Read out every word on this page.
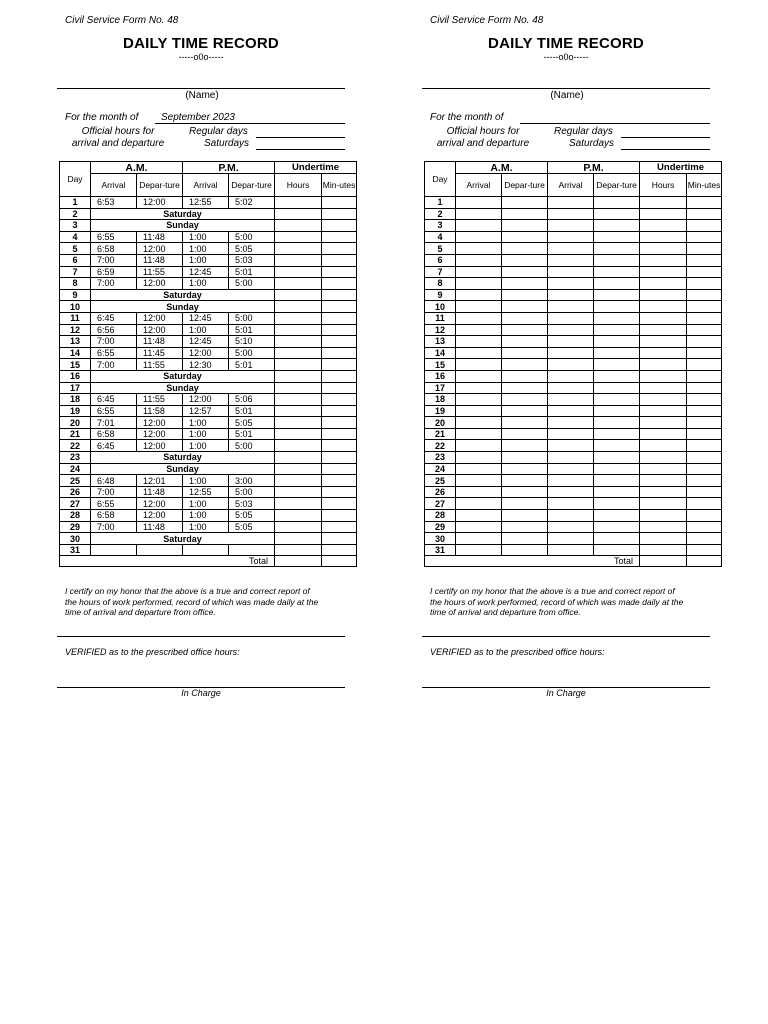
Civil Service Form No. 48
DAILY TIME RECORD
-----o0o-----
(Name)
For the month of September 2023
Official hours for
arrival and departure
Regular days
Saturdays
Day	A.M.		P.M.		Undertime	
	Arrival	Depar-ture	Arrival	Depar-ture	Hours	Min-utes
1	6:53	12:00	12:55	5:02		
2	Saturday					
3	Sunday					
4	6:55	11:48	1:00	5:00		
5	6:58	12:00	1:00	5:05		
6	7:00	11:48	1:00	5:03		
7	6:59	11:55	12:45	5:01		
8	7:00	12:00	1:00	5:00		
9	Saturday					
10	Sunday					
11	6:45	12:00	12:45	5:00		
12	6:56	12:00	1:00	5:01		
13	7:00	11:48	12:45	5:10		
14	6:55	11:45	12:00	5:00		
15	7:00	11:55	12:30	5:01		
16	Saturday					
17	Sunday					
18	6:45	11:55	12:00	5:06		
19	6:55	11:58	12:57	5:01		
20	7:01	12:00	1:00	5:05		
21	6:58	12:00	1:00	5:01		
22	6:45	12:00	1:00	5:00		
23	Saturday					
24	Sunday					
25	6:48	12:01	1:00	3:00		
26	7:00	11:48	12:55	5:00		
27	6:55	12:00	1:00	5:03		
28	6:58	12:00	1:00	5:05		
29	7:00	11:48	1:00	5:05		
30	Saturday					
31						
	Total					
I certify on my honor that the above is a true and correct report of
the hours of work performed, record of which was made daily at the
time of arrival and departure from office.
VERIFIED as to the prescribed office hours:
In Charge
Civil Service Form No. 48
DAILY TIME RECORD
-----o0o-----
(Name)
For the month of
Official hours for
arrival and departure
Regular days
Saturdays
Day	A.M.		P.M.		Undertime	
	Arrival	Depar-ture	Arrival	Depar-ture	Hours	Min-utes
1						
2						
3						
4						
5						
6						
7						
8						
9						
10						
11						
12						
13						
14						
15						
16						
17						
18						
19						
20						
21						
22						
23						
24						
25						
26						
27						
28						
29						
30						
31						
	Total					
I certify on my honor that the above is a true and correct report of
the hours of work performed, record of which was made daily at the
time of arrival and departure from office.
VERIFIED as to the prescribed office hours:
In Charge
